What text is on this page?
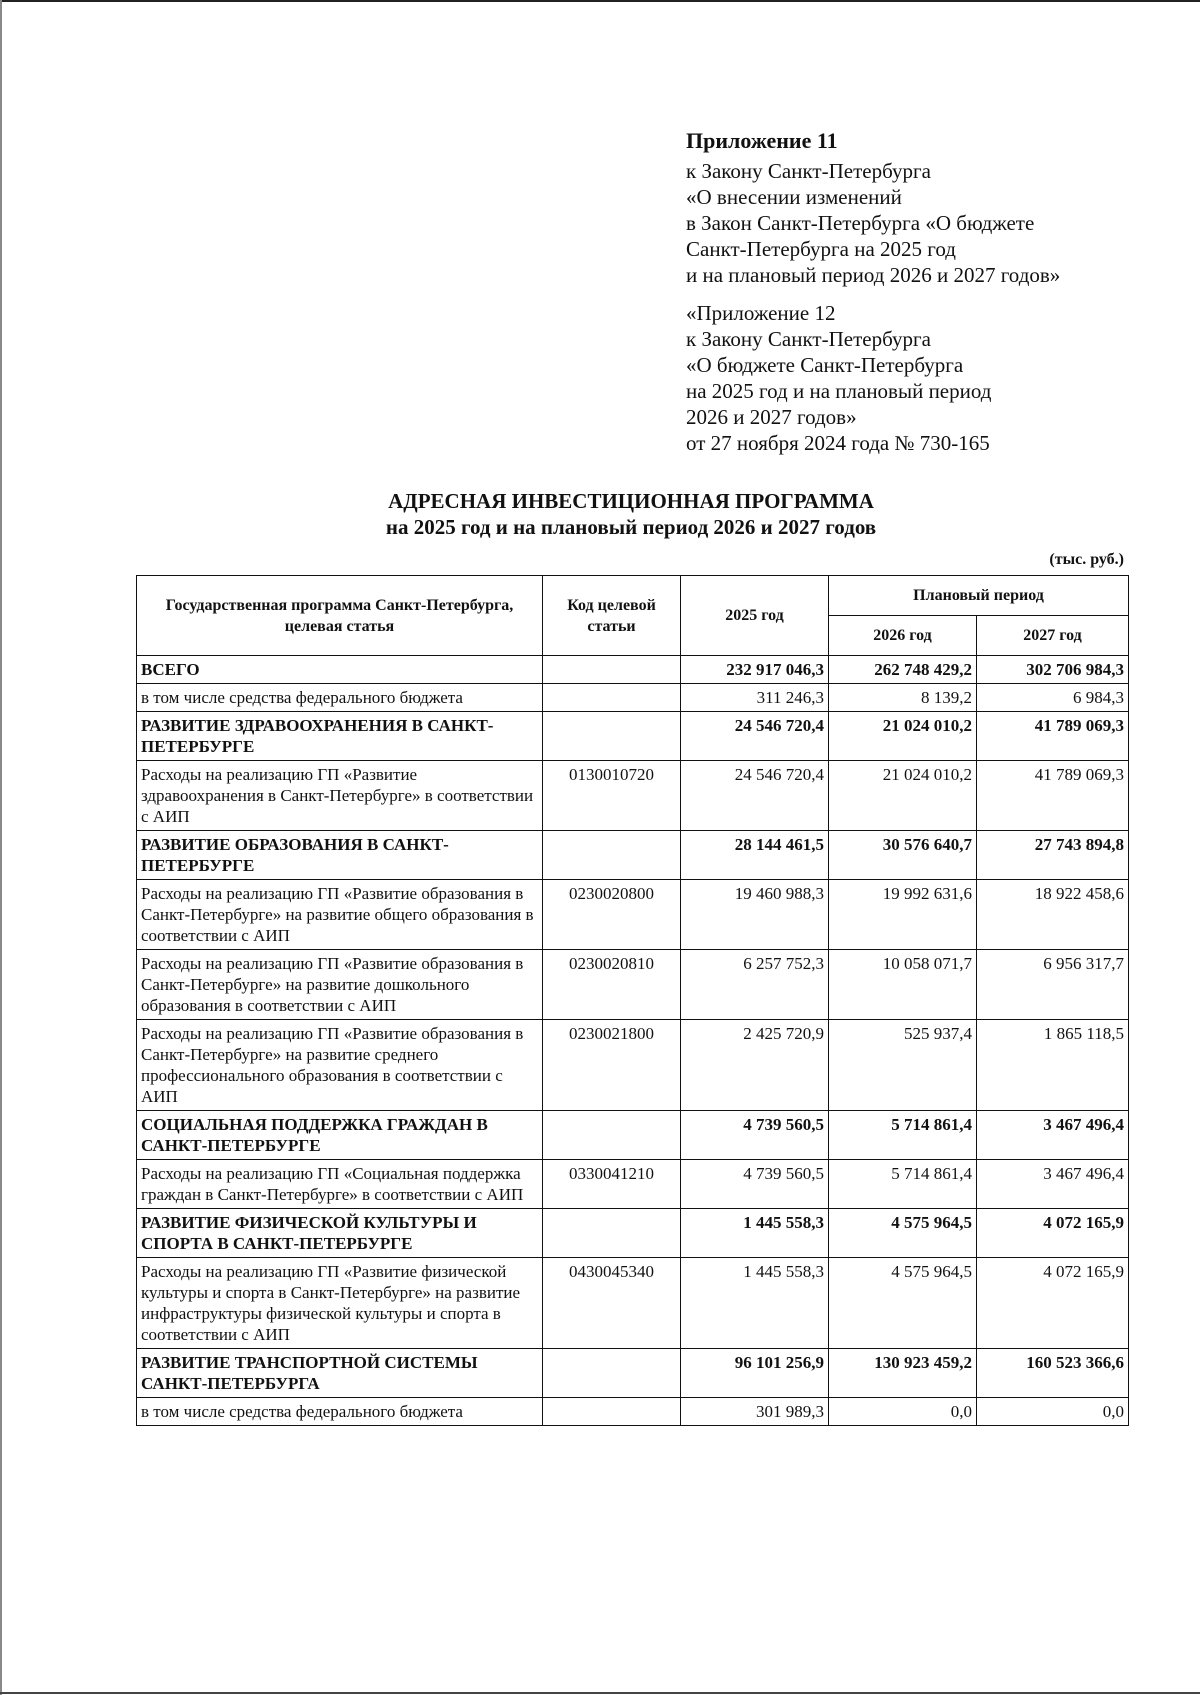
Приложение 11
к Закону Санкт-Петербурга
«О внесении изменений
в Закон Санкт-Петербурга «О бюджете
Санкт-Петербурга на 2025 год
и на плановый период 2026 и 2027 годов»
«Приложение 12
к Закону Санкт-Петербурга
«О бюджете Санкт-Петербурга
на 2025 год и на плановый период
2026 и 2027 годов»
от 27 ноября 2024 года № 730-165
АДРЕСНАЯ ИНВЕСТИЦИОННАЯ ПРОГРАММА
на 2025 год и на плановый период 2026 и 2027 годов
(тыс. руб.)
Государственная программа Санкт-Петербурга, целевая статья	Код целевой статьи	2025 год	Плановый период	
			2026 год	2027 год
ВСЕГО		232 917 046,3	262 748 429,2	302 706 984,3
в том числе средства федерального бюджета		311 246,3	8 139,2	6 984,3
РАЗВИТИЕ ЗДРАВООХРАНЕНИЯ В САНКТ-ПЕТЕРБУРГЕ		24 546 720,4	21 024 010,2	41 789 069,3
Расходы на реализацию ГП «Развитие здравоохранения в Санкт-Петербурге» в соответствии с АИП	0130010720	24 546 720,4	21 024 010,2	41 789 069,3
РАЗВИТИЕ ОБРАЗОВАНИЯ В САНКТ-ПЕТЕРБУРГЕ		28 144 461,5	30 576 640,7	27 743 894,8
Расходы на реализацию ГП «Развитие образования в Санкт-Петербурге» на развитие общего образования в соответствии с АИП	0230020800	19 460 988,3	19 992 631,6	18 922 458,6
Расходы на реализацию ГП «Развитие образования в Санкт-Петербурге» на развитие дошкольного образования в соответствии с АИП	0230020810	6 257 752,3	10 058 071,7	6 956 317,7
Расходы на реализацию ГП «Развитие образования в Санкт-Петербурге» на развитие среднего профессионального образования в соответствии с АИП	0230021800	2 425 720,9	525 937,4	1 865 118,5
СОЦИАЛЬНАЯ ПОДДЕРЖКА ГРАЖДАН В САНКТ-ПЕТЕРБУРГЕ		4 739 560,5	5 714 861,4	3 467 496,4
Расходы на реализацию ГП «Социальная поддержка граждан в Санкт-Петербурге» в соответствии с АИП	0330041210	4 739 560,5	5 714 861,4	3 467 496,4
РАЗВИТИЕ ФИЗИЧЕСКОЙ КУЛЬТУРЫ И СПОРТА В САНКТ-ПЕТЕРБУРГЕ		1 445 558,3	4 575 964,5	4 072 165,9
Расходы на реализацию ГП «Развитие физической культуры и спорта в Санкт-Петербурге» на развитие инфраструктуры физической культуры и спорта в соответствии с АИП	0430045340	1 445 558,3	4 575 964,5	4 072 165,9
РАЗВИТИЕ ТРАНСПОРТНОЙ СИСТЕМЫ САНКТ-ПЕТЕРБУРГА		96 101 256,9	130 923 459,2	160 523 366,6
в том числе средства федерального бюджета		301 989,3	0,0	0,0
